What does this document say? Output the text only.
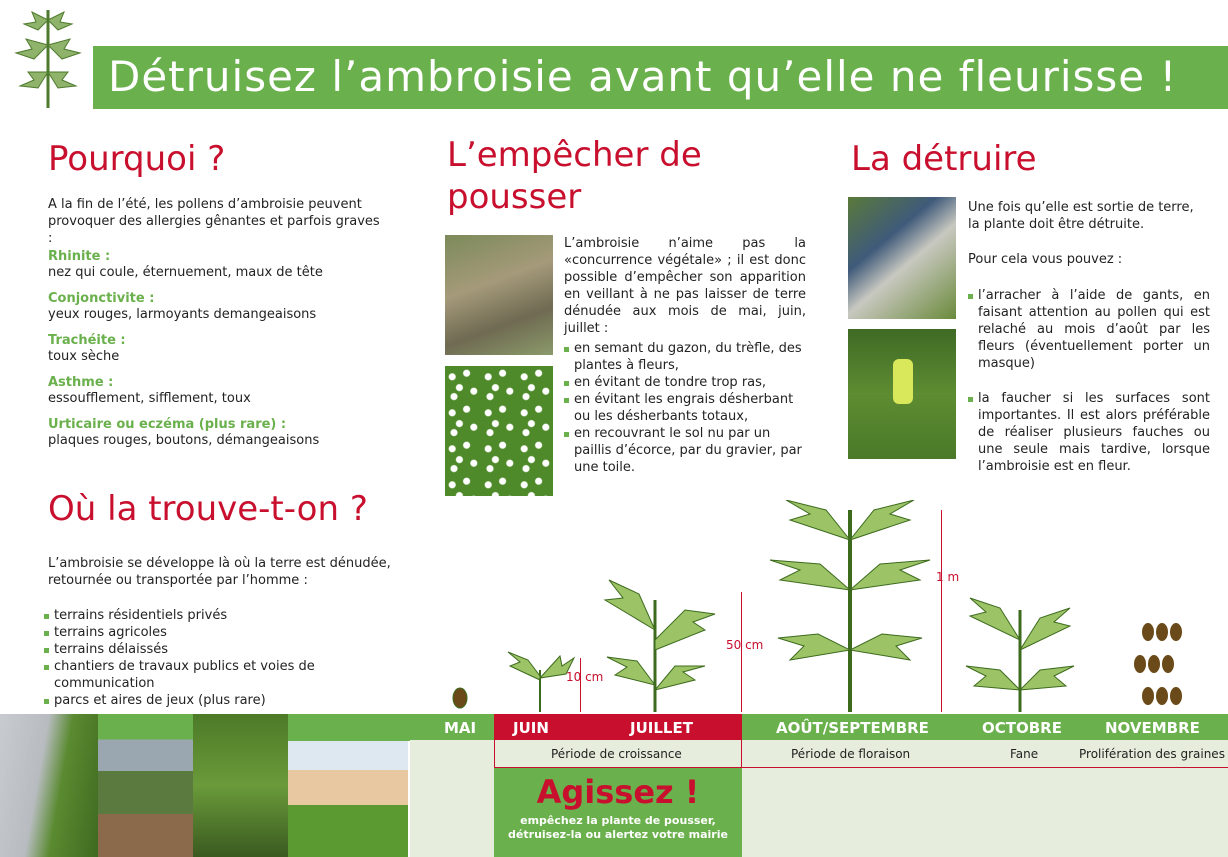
Détruisez l’ambroisie avant qu’elle ne fleurisse !
Pourquoi ?
A la fin de l’été, les pollens d’ambroisie peuvent provoquer des allergies gênantes et parfois graves :
Rhinite :
nez qui coule, éternuement, maux de tête
Conjonctivite :
yeux rouges, larmoyants demangeaisons
Trachéite :
toux sèche
Asthme :
essoufflement, sifflement, toux
Urticaire ou eczéma (plus rare) :
plaques rouges, boutons, démangeaisons
Où la trouve-t-on ?
L’ambroisie se développe là où la terre est dénudée, retournée ou transportée par l’homme :
terrains résidentiels privés
terrains agricoles
terrains délaissés
chantiers de travaux publics et voies de communication
parcs et aires de jeux (plus rare)
L’empêcher de
pousser
L’ambroisie n’aime pas la «concurrence végétale» ; il est donc possible d’empêcher son apparition en veillant à ne pas laisser de terre dénudée aux mois de mai, juin, juillet :
en semant du gazon, du trèfle, des plantes à fleurs,
en évitant de tondre trop ras,
en évitant les engrais désherbant ou les désherbants totaux,
en recouvrant le sol nu par un paillis d’écorce, par du gravier, par une toile.
La détruire
Une fois qu’elle est sortie de terre, la plante doit être détruite.
Pour cela vous pouvez :
l’arracher à l’aide de gants, en faisant attention au pollen qui est relaché au mois d’août par les fleurs (éventuellement porter un masque)
la faucher si les surfaces sont importantes. Il est alors préférable de réaliser plusieurs fauches ou une seule mais tardive, lorsque l’ambroisie est en fleur.
10 cm
50 cm
1 m
MAI JUIN	JUILLET	AOÛT/SEPTEMBRE	OCTOBRE	NOVEMBRE
Période de croissance	Période de floraison	Fane	Prolifération des graines
Agissez !
empêchez la plante de pousser,
détruisez-la ou alertez votre mairie
